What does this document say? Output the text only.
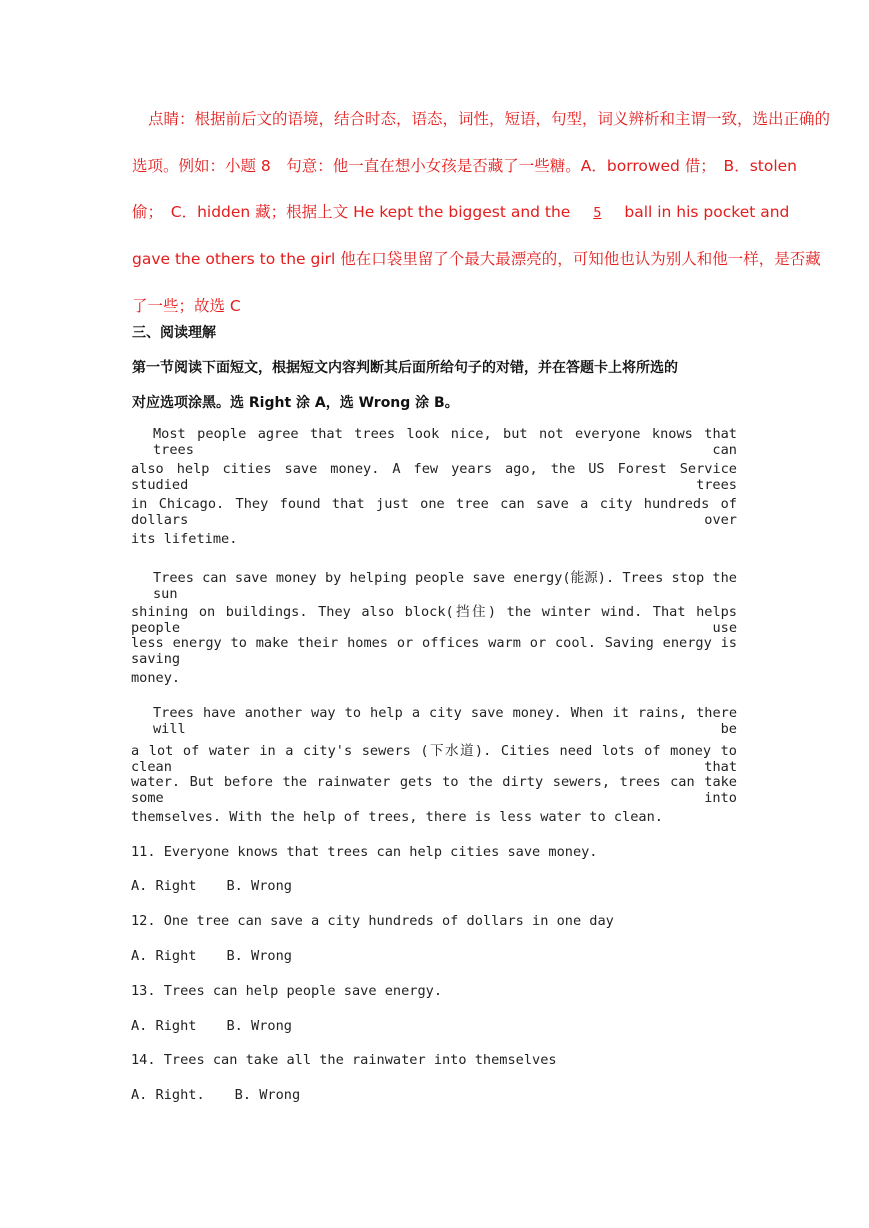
点睛：根据前后文的语境，结合时态，语态，词性，短语，句型，词义辨析和主谓一致，选出正确的
选项。例如：小题 8　句意：他一直在想小女孩是否藏了一些糖。A．borrowed 借；　B．stolen
偷；　C．hidden 藏；根据上文 He kept the biggest and the 5 ball in his pocket and
gave the others to the girl 他在口袋里留了个最大最漂亮的，可知他也认为别人和他一样，是否藏
了一些；故选 C
三、阅读理解
第一节阅读下面短文，根据短文内容判断其后面所给句子的对错，并在答题卡上将所选的
对应选项涂黑。选 Right 涂 A，选 Wrong 涂 B。
Most people agree that trees look nice, but not everyone knows that trees can
also help cities save money. A few years ago, the US Forest Service studied trees
in Chicago. They found that just one tree can save a city hundreds of dollars over
its lifetime.
Trees can save money by helping people save energy(能源). Trees stop the sun
shining on buildings. They also block(挡住) the winter wind. That helps people use
less energy to make their homes or offices warm or cool. Saving energy is saving
money.
Trees have another way to help a city save money. When it rains, there will be
a lot of water in a city's sewers (下水道). Cities need lots of money to clean that
water. But before the rainwater gets to the dirty sewers, trees can take some into
themselves. With the help of trees, there is less water to clean.
11. Everyone knows that trees can help cities save money.
A. Right B. Wrong
12. One tree can save a city hundreds of dollars in one day
A. Right B. Wrong
13. Trees can help people save energy.
A. Right B. Wrong
14. Trees can take all the rainwater into themselves
A. Right. B. Wrong
